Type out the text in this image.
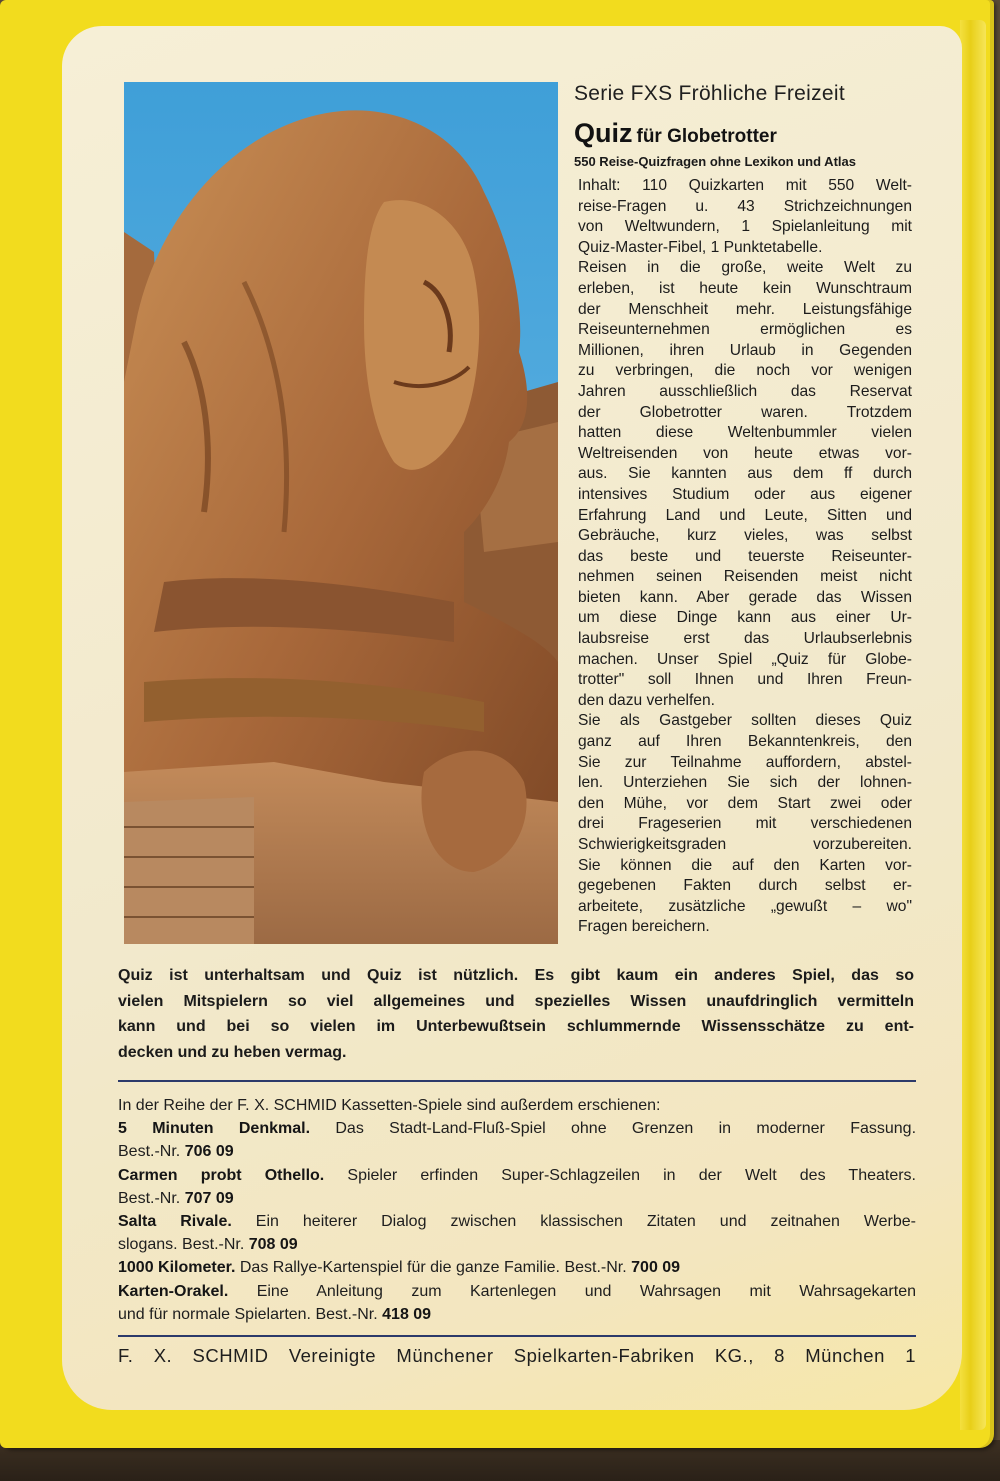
Serie FXS Fröhliche Freizeit
Quiz für Globetrotter
550 Reise-Quizfragen ohne Lexikon und Atlas
Inhalt: 110 Quizkarten mit 550 Welt-
reise-Fragen u. 43 Strichzeichnungen
von Weltwundern, 1 Spielanleitung mit
Quiz-Master-Fibel, 1 Punktetabelle.
Reisen in die große, weite Welt zu
erleben, ist heute kein Wunschtraum
der Menschheit mehr. Leistungsfähige
Reiseunternehmen ermöglichen es
Millionen, ihren Urlaub in Gegenden
zu verbringen, die noch vor wenigen
Jahren ausschließlich das Reservat
der Globetrotter waren. Trotzdem
hatten diese Weltenbummler vielen
Weltreisenden von heute etwas vor-
aus. Sie kannten aus dem ff durch
intensives Studium oder aus eigener
Erfahrung Land und Leute, Sitten und
Gebräuche, kurz vieles, was selbst
das beste und teuerste Reiseunter-
nehmen seinen Reisenden meist nicht
bieten kann. Aber gerade das Wissen
um diese Dinge kann aus einer Ur-
laubsreise erst das Urlaubserlebnis
machen. Unser Spiel „Quiz für Globe-
trotter" soll Ihnen und Ihren Freun-
den dazu verhelfen.
Sie als Gastgeber sollten dieses Quiz
ganz auf Ihren Bekanntenkreis, den
Sie zur Teilnahme auffordern, abstel-
len. Unterziehen Sie sich der lohnen-
den Mühe, vor dem Start zwei oder
drei Frageserien mit verschiedenen
Schwierigkeitsgraden vorzubereiten.
Sie können die auf den Karten vor-
gegebenen Fakten durch selbst er-
arbeitete, zusätzliche „gewußt – wo"
Fragen bereichern.
Quiz ist unterhaltsam und Quiz ist nützlich. Es gibt kaum ein anderes Spiel, das so
vielen Mitspielern so viel allgemeines und spezielles Wissen unaufdringlich vermitteln
kann und bei so vielen im Unterbewußtsein schlummernde Wissensschätze zu ent-
decken und zu heben vermag.
In der Reihe der F. X. SCHMID Kassetten-Spiele sind außerdem erschienen:
5 Minuten Denkmal. Das Stadt-Land-Fluß-Spiel ohne Grenzen in moderner Fassung.
Best.-Nr. 706 09
Carmen probt Othello. Spieler erfinden Super-Schlagzeilen in der Welt des Theaters.
Best.-Nr. 707 09
Salta Rivale. Ein heiterer Dialog zwischen klassischen Zitaten und zeitnahen Werbe-
slogans. Best.-Nr. 708 09
1000 Kilometer. Das Rallye-Kartenspiel für die ganze Familie. Best.-Nr. 700 09
Karten-Orakel. Eine Anleitung zum Kartenlegen und Wahrsagen mit Wahrsagekarten
und für normale Spielarten. Best.-Nr. 418 09
F. X. SCHMID Vereinigte Münchener Spielkarten-Fabriken KG., 8 München 1
